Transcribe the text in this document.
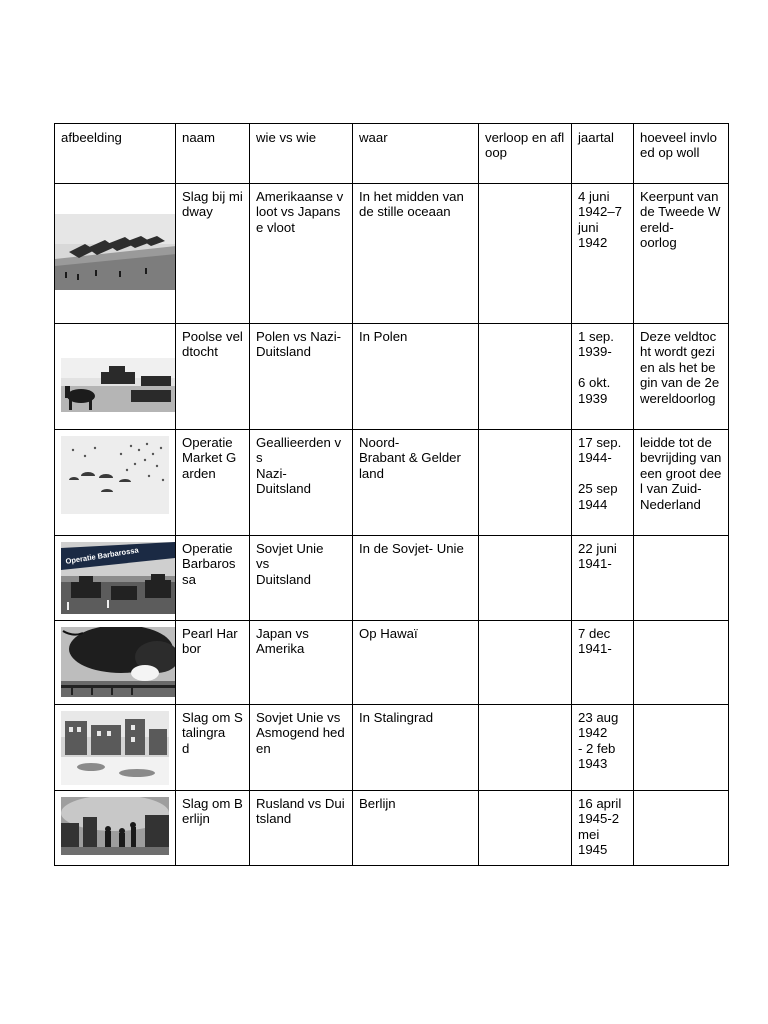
afbeelding	naam	wie vs wie	waar	verloop en afloop	jaartal	hoeveel invloed op woll

	Slag bij midway	Amerikaanse vloot vs Japanse vloot	In het midden van de stille oceaan		4 juni
1942–7
juni
1942	Keerpunt van de Tweede Wereld-
oorlog

	Poolse veldtocht	Polen vs Nazi-
Duitsland	In Polen		1 sep.
1939-

6 okt.
1939	Deze veldtocht wordt gezien als het begin van de 2e wereldoorlog

	Operatie Market Garden	Geallieerden vs
Nazi-
Duitsland	Noord-
Brabant & Gelder
land		17 sep.
1944-

25 sep
1944	leidde tot de bevrijding van een groot deel van Zuid-
Nederland

Operatie Barbarossa	Operatie Barbaros
sa	Sovjet Unie
vs
Duitsland	In de Sovjet- Unie		22 juni
1941-	

	Pearl Harbor	Japan vs
Amerika	Op Hawaï		7 dec
1941-	

	Slag om Stalingra
d	Sovjet Unie vs Asmogend heden	In Stalingrad		23 aug
1942
- 2 feb
1943	

	Slag om Berlijn	Rusland vs Duitsland	Berlijn		16 april
1945-2
mei
1945	
